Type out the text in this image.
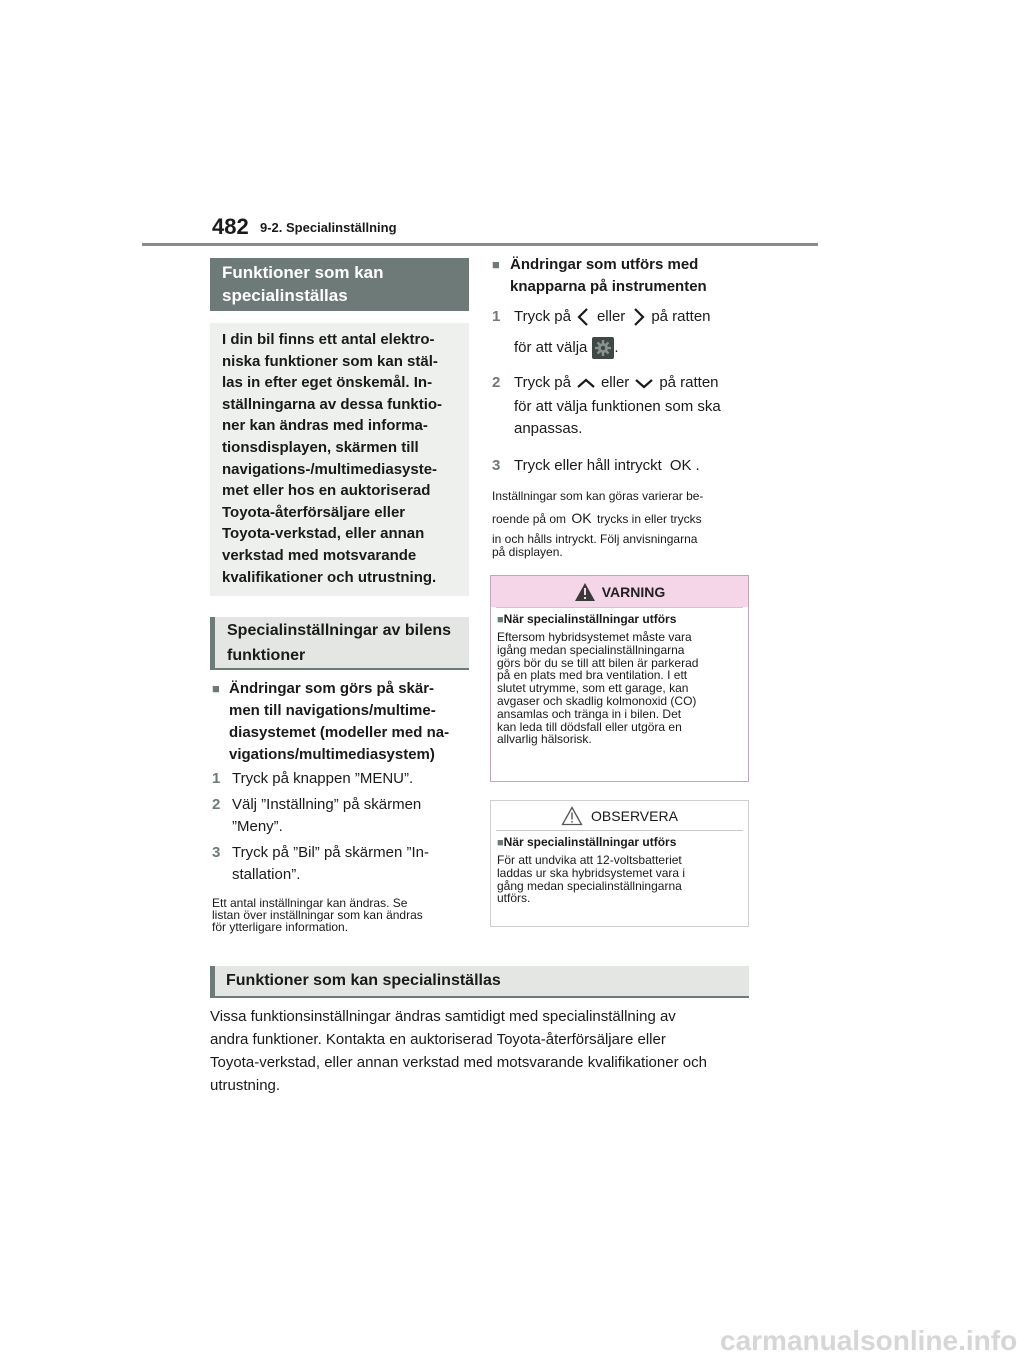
482 9-2. Specialinställning
Funktioner som kan specialinställas
I din bil finns ett antal elektro-
niska funktioner som kan stäl-
las in efter eget önskemål. In-
ställningarna av dessa funktio-
ner kan ändras med informa-
tionsdisplayen, skärmen till
navigations-/multimediasyste-
met eller hos en auktoriserad
Toyota-återförsäljare eller
Toyota-verkstad, eller annan
verkstad med motsvarande
kvalifikationer och utrustning.
Specialinställningar av bilens funktioner
■ Ändringar som görs på skär-
men till navigations/multime-
diasystemet (modeller med na-
vigations/multimediasystem)
1 Tryck på knappen ”MENU”.
2 Välj ”Inställning” på skärmen
”Meny”.
3 Tryck på ”Bil” på skärmen ”In-
stallation”.
Ett antal inställningar kan ändras. Se
listan över inställningar som kan ändras
för ytterligare information.
■ Ändringar som utförs med
knapparna på instrumenten
1 Tryck på eller på ratten
för att välja .
2 Tryck på eller på ratten
för att välja funktionen som ska
anpassas.
3 Tryck eller håll intryckt OK .
Inställningar som kan göras varierar be-
roende på om OK trycks in eller trycks
in och hålls intryckt. Följ anvisningarna
på displayen.
VARNING
■När specialinställningar utförs
Eftersom hybridsystemet måste vara
igång medan specialinställningarna
görs bör du se till att bilen är parkerad
på en plats med bra ventilation. I ett
slutet utrymme, som ett garage, kan
avgaser och skadlig kolmonoxid (CO)
ansamlas och tränga in i bilen. Det
kan leda till dödsfall eller utgöra en
allvarlig hälsorisk.
OBSERVERA
■När specialinställningar utförs
För att undvika att 12-voltsbatteriet
laddas ur ska hybridsystemet vara i
gång medan specialinställningarna
utförs.
Funktioner som kan specialinställas
Vissa funktionsinställningar ändras samtidigt med specialinställning av
andra funktioner. Kontakta en auktoriserad Toyota-återförsäljare eller
Toyota-verkstad, eller annan verkstad med motsvarande kvalifikationer och
utrustning.
carmanualsonline.info
